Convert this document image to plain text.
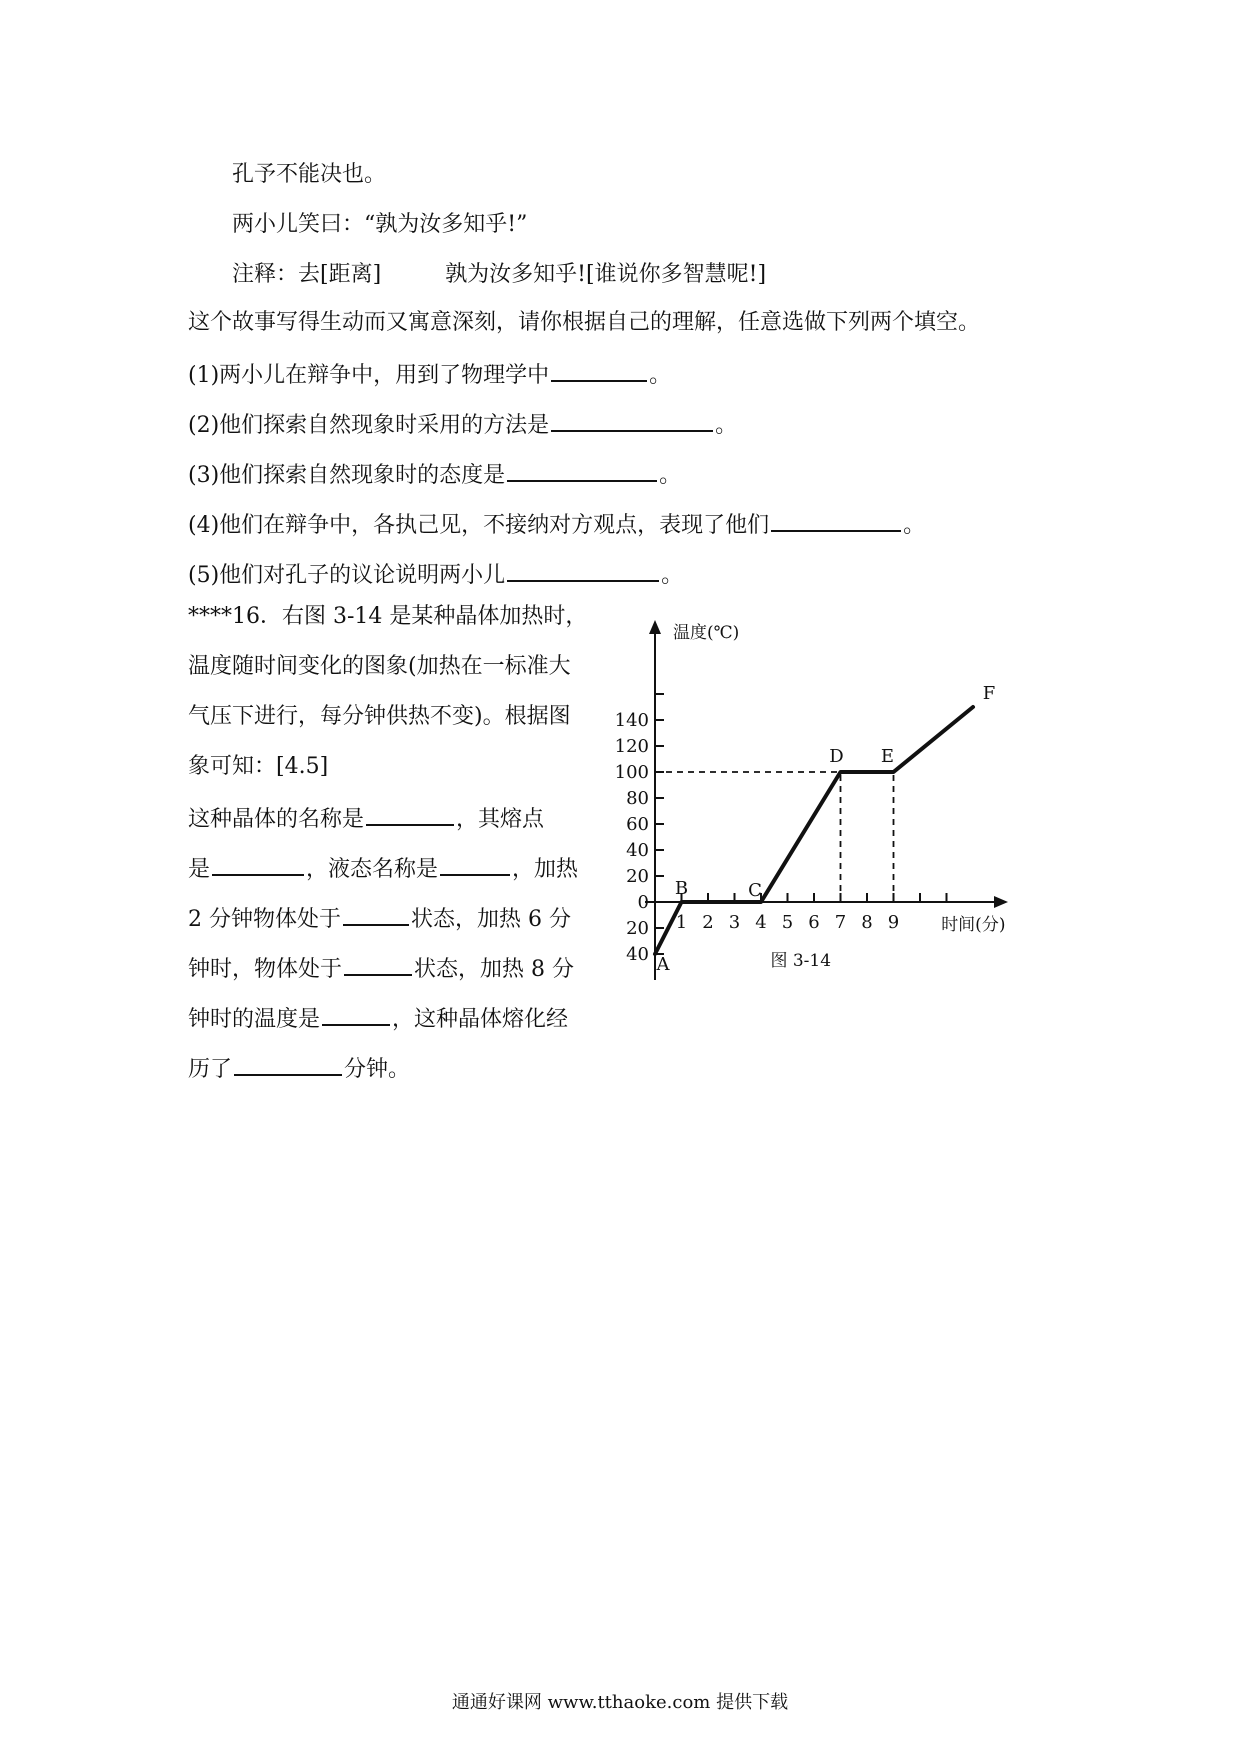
孔予不能决也。
两小儿笑曰：“孰为汝多知乎!”
注释：去[距离]	孰为汝多知乎![谁说你多智慧呢!]
这个故事写得生动而又寓意深刻，请你根据自己的理解，任意选做下列两个填空。
(1)两小儿在辩争中，用到了物理学中	。
(2)他们探索自然现象时采用的方法是	。
(3)他们探索自然现象时的态度是	。
(4)他们在辩争中，各执己见，不接纳对方观点，表现了他们	。
(5)他们对孔子的议论说明两小儿	。
****16．右图 3-14 是某种晶体加热时，
温度随时间变化的图象(加热在一标准大
气压下进行，每分钟供热不变)。根据图
象可知：[4.5]
这种晶体的名称是	，其熔点
是	，液态名称是	，加热
2 分钟物体处于	状态，加热 6 分
钟时，物体处于	状态，加热 8 分
钟时的温度是	，这种晶体熔化经
历了	分钟。
40
20
0
20
40
60
80
100
120
140
1 2 3 4 5 6 7 8 9
A
B	C
D E
F
温度(℃)
时间(分)
图 3-14
通通好课网 www.tthaoke.com 提供下载
